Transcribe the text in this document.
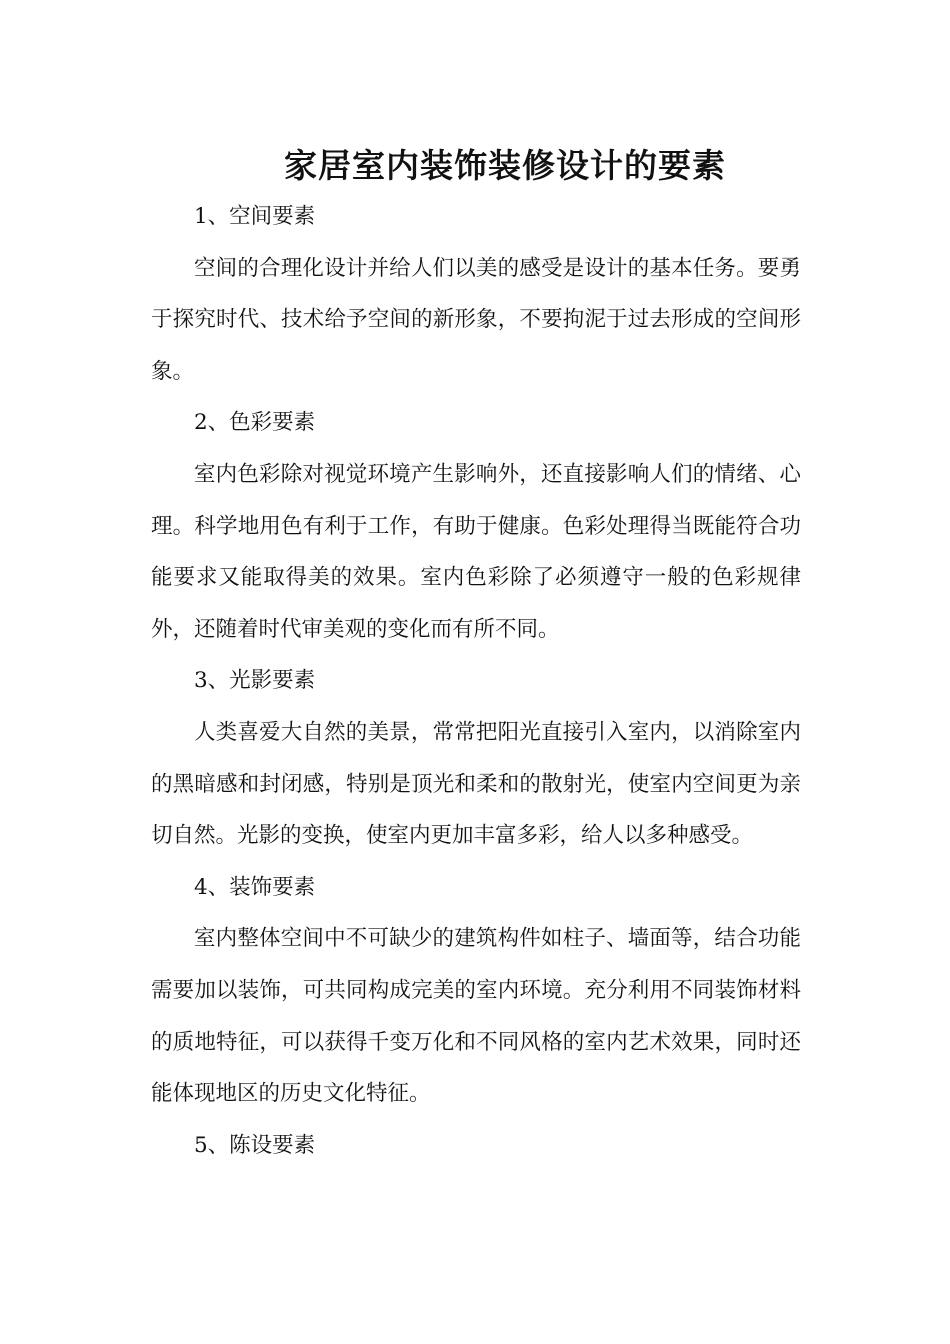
家居室内装饰装修设计的要素

1、空间要素

空间的合理化设计并给人们以美的感受是设计的基本任务。要勇于探究时代、技术给予空间的新形象，不要拘泥于过去形成的空间形象。

2、色彩要素

室内色彩除对视觉环境产生影响外，还直接影响人们的情绪、心理。科学地用色有利于工作，有助于健康。色彩处理得当既能符合功能要求又能取得美的效果。室内色彩除了必须遵守一般的色彩规律外，还随着时代审美观的变化而有所不同。

3、光影要素

人类喜爱大自然的美景，常常把阳光直接引入室内，以消除室内的黑暗感和封闭感，特别是顶光和柔和的散射光，使室内空间更为亲切自然。光影的变换，使室内更加丰富多彩，给人以多种感受。

4、装饰要素

室内整体空间中不可缺少的建筑构件如柱子、墙面等，结合功能需要加以装饰，可共同构成完美的室内环境。充分利用不同装饰材料的质地特征，可以获得千变万化和不同风格的室内艺术效果，同时还能体现地区的历史文化特征。

5、陈设要素
